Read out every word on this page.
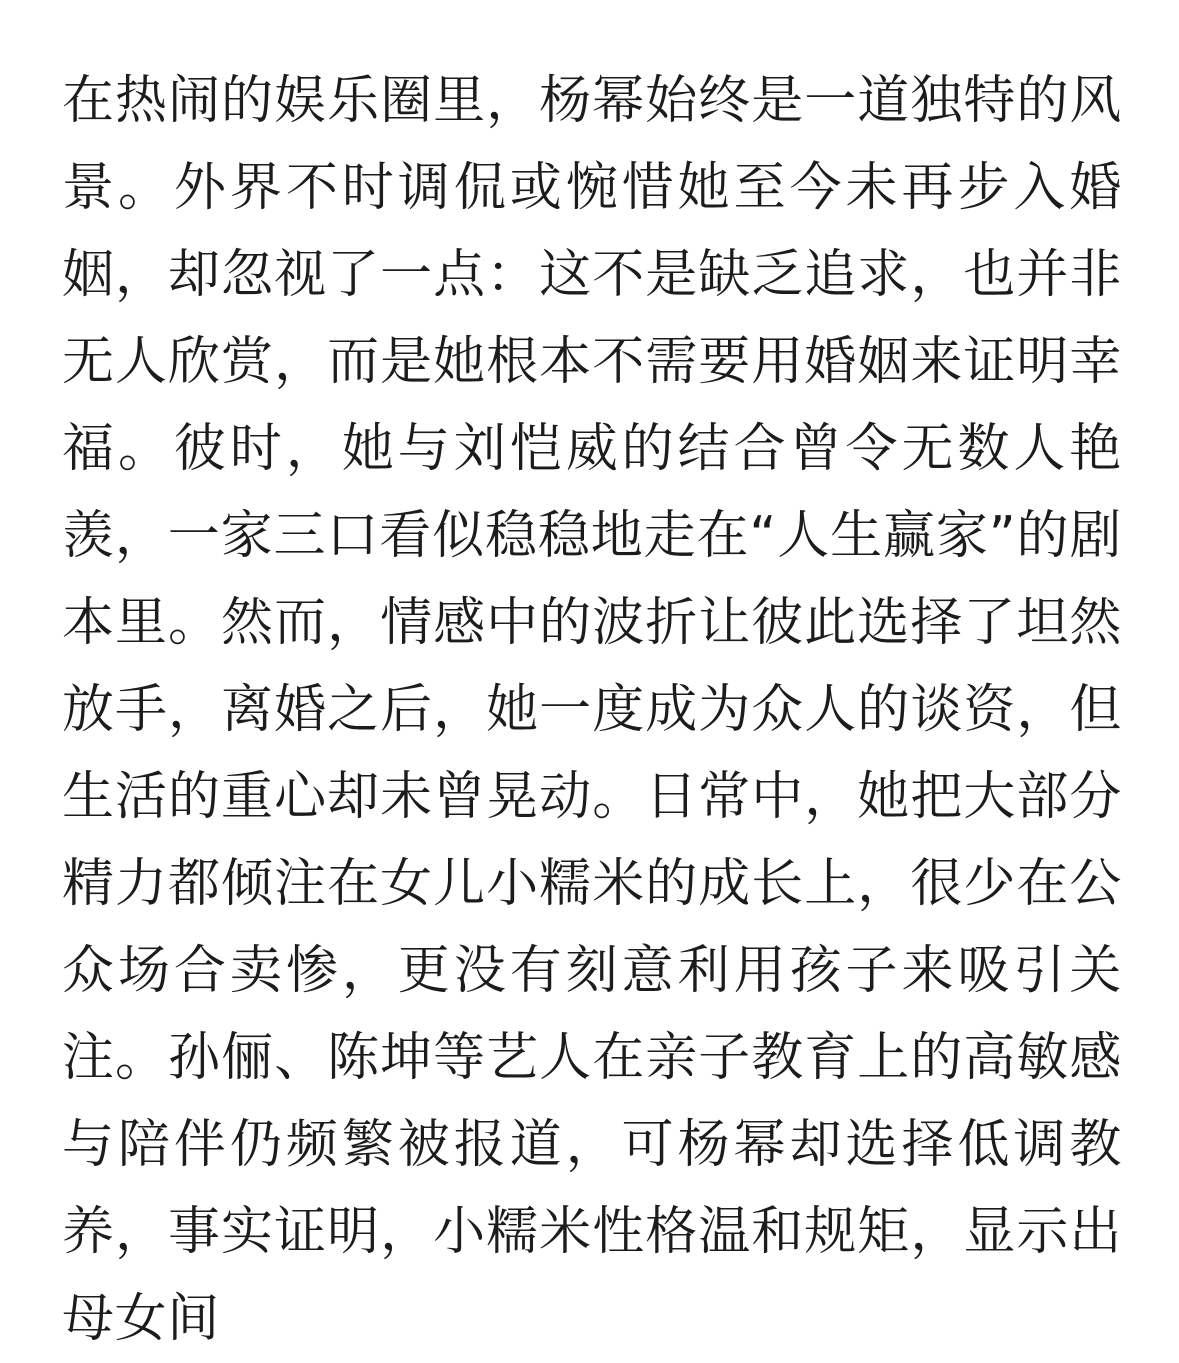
在热闹的娱乐圈里，杨幂始终是一道独特的风景。外界不时调侃或惋惜她至今未再步入婚姻，却忽视了一点：这不是缺乏追求，也并非无人欣赏，而是她根本不需要用婚姻来证明幸福。彼时，她与刘恺威的结合曾令无数人艳羡，一家三口看似稳稳地走在“人生赢家”的剧本里。然而，情感中的波折让彼此选择了坦然放手，离婚之后，她一度成为众人的谈资，但生活的重心却未曾晃动。日常中，她把大部分精力都倾注在女儿小糯米的成长上，很少在公众场合卖惨，更没有刻意利用孩子来吸引关注。孙俪、陈坤等艺人在亲子教育上的高敏感与陪伴仍频繁被报道，可杨幂却选择低调教养，事实证明，小糯米性格温和规矩，显示出母女间
